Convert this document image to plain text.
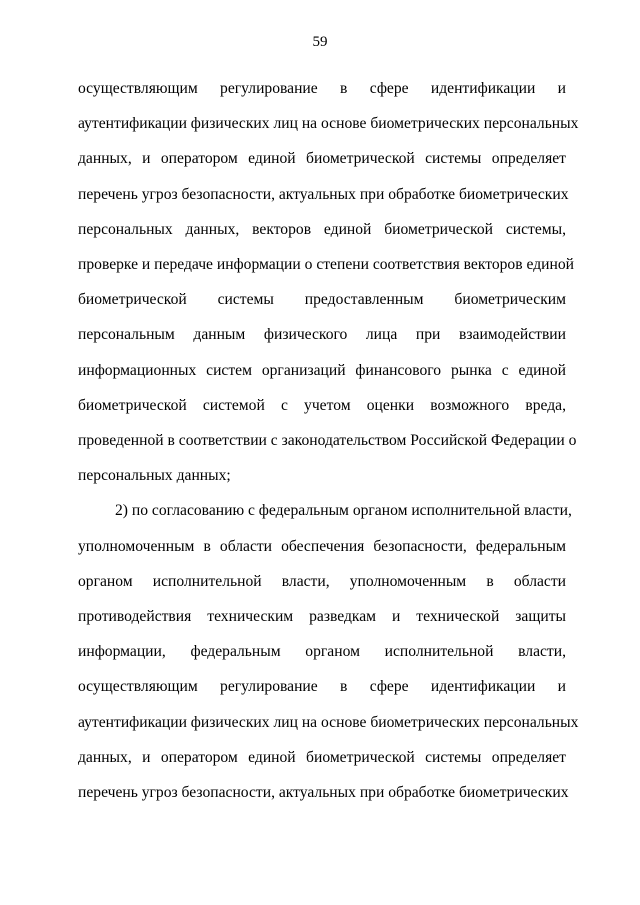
59
осуществляющим регулирование в сфере идентификации и
аутентификации физических лиц на основе биометрических персональных
данных, и оператором единой биометрической системы определяет
перечень угроз безопасности, актуальных при обработке биометрических
персональных данных, векторов единой биометрической системы,
проверке и передаче информации о степени соответствия векторов единой
биометрической системы предоставленным биометрическим
персональным данным физического лица при взаимодействии
информационных систем организаций финансового рынка с единой
биометрической системой с учетом оценки возможного вреда,
проведенной в соответствии с законодательством Российской Федерации о
персональных данных;
2) по согласованию с федеральным органом исполнительной власти,
уполномоченным в области обеспечения безопасности, федеральным
органом исполнительной власти, уполномоченным в области
противодействия техническим разведкам и технической защиты
информации, федеральным органом исполнительной власти,
осуществляющим регулирование в сфере идентификации и
аутентификации физических лиц на основе биометрических персональных
данных, и оператором единой биометрической системы определяет
перечень угроз безопасности, актуальных при обработке биометрических
